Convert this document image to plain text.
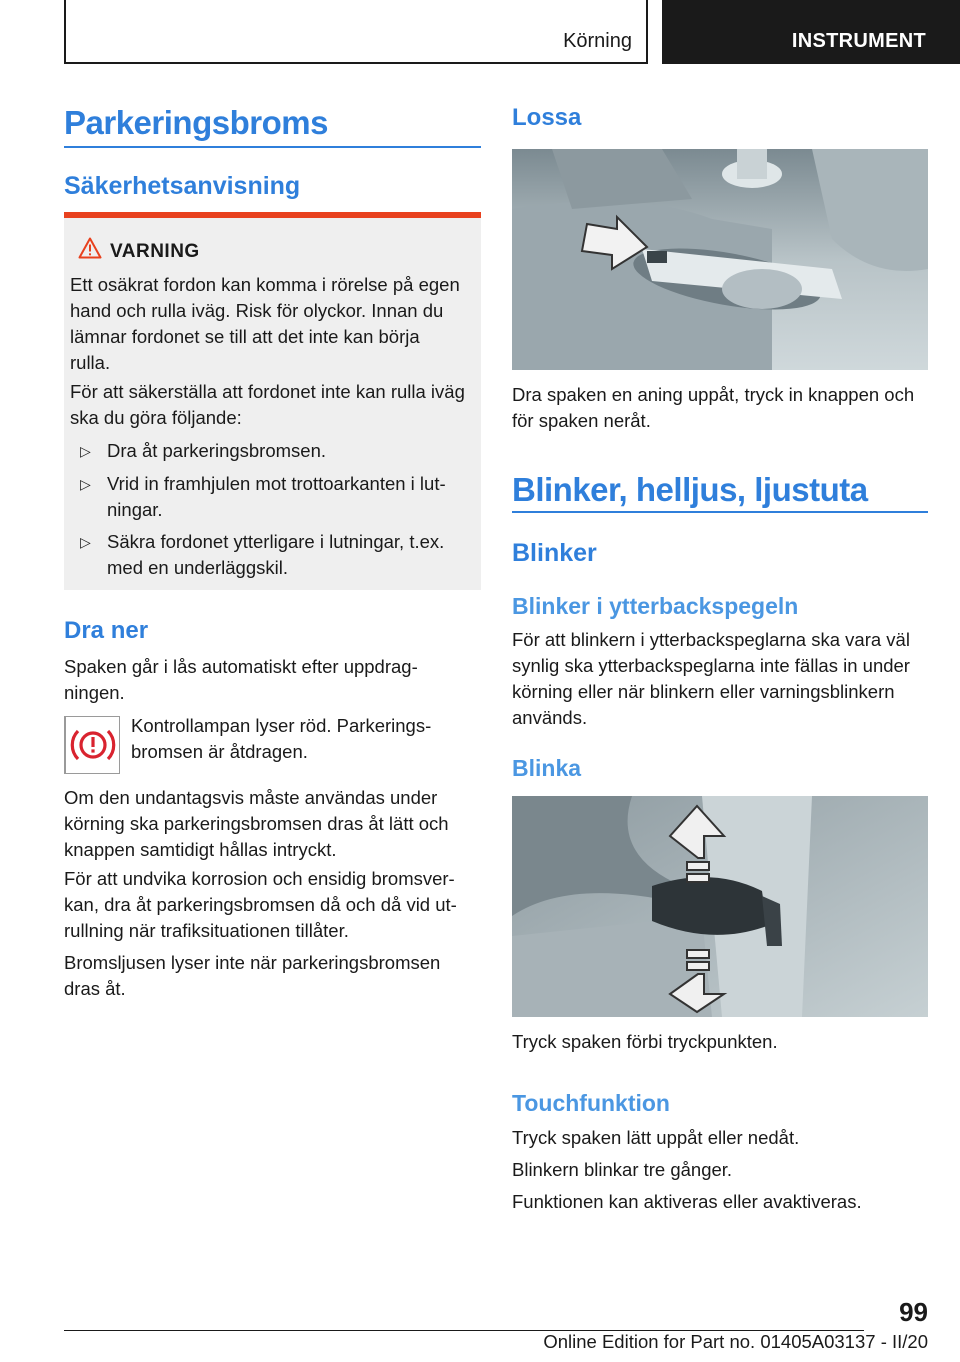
Körning	INSTRUMENT
Parkeringsbroms
Säkerhetsanvisning
VARNING
Ett osäkrat fordon kan komma i rörelse på egen
hand och rulla iväg. Risk för olyckor. Innan du
lämnar fordonet se till att det inte kan börja
rulla.
För att säkerställa att fordonet inte kan rulla iväg
ska du göra följande:
▷ Dra åt parkeringsbromsen.
▷ Vrid in framhjulen mot trottoarkanten i lut-
ningar.
▷ Säkra fordonet ytterligare i lutningar, t.ex.
med en underläggskil.
Dra ner
Spaken går i lås automatiskt efter uppdrag-
ningen.
Kontrollampan lyser röd. Parkerings-
bromsen är åtdragen.
Om den undantagsvis måste användas under
körning ska parkeringsbromsen dras åt lätt och
knappen samtidigt hållas intryckt.
För att undvika korrosion och ensidig bromsver-
kan, dra åt parkeringsbromsen då och då vid ut-
rullning när trafiksituationen tillåter.
Bromsljusen lyser inte när parkeringsbromsen
dras åt.
Lossa
Dra spaken en aning uppåt, tryck in knappen och
för spaken neråt.
Blinker, helljus, ljustuta
Blinker
Blinker i ytterbackspegeln
För att blinkern i ytterbackspeglarna ska vara väl
synlig ska ytterbackspeglarna inte fällas in under
körning eller när blinkern eller varningsblinkern
används.
Blinka
Tryck spaken förbi tryckpunkten.
Touchfunktion
Tryck spaken lätt uppåt eller nedåt.
Blinkern blinkar tre gånger.
Funktionen kan aktiveras eller avaktiveras.
99
Online Edition for Part no. 01405A03137 - II/20
